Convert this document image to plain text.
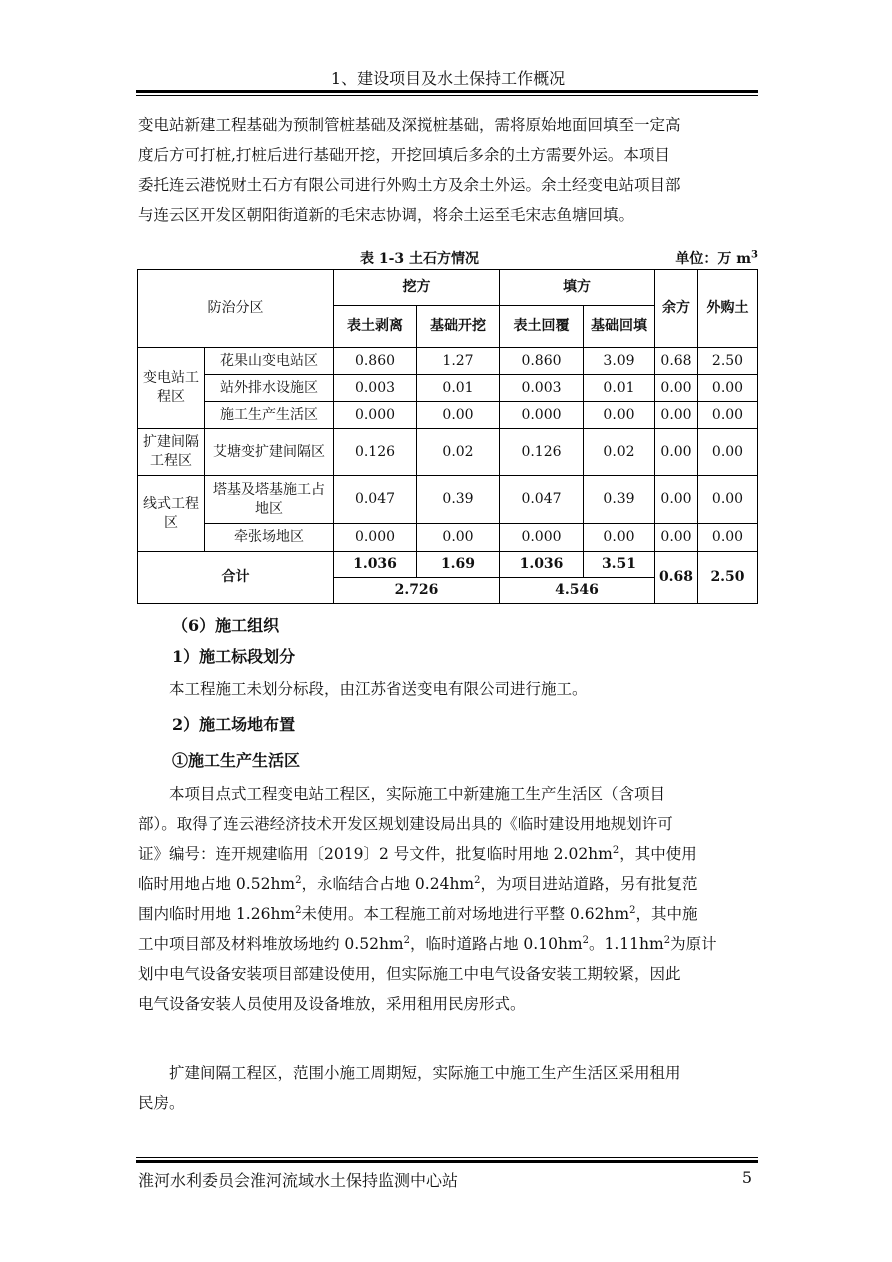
1、建设项目及水土保持工作概况

变电站新建工程基础为预制管桩基础及深搅桩基础，需将原始地面回填至一定高
度后方可打桩,打桩后进行基础开挖，开挖回填后多余的土方需要外运。本项目
委托连云港悦财土石方有限公司进行外购土方及余土外运。余土经变电站项目部
与连云区开发区朝阳街道新的毛宋志协调，将余土运至毛宋志鱼塘回填。

表 1-3 土石方情况	单位：万 $m^3$
防治分区		挖方		填方		余方	外购土
		表土剥离	基础开挖	表土回覆	基础回填		
变电站工程区	花果山变电站区	0.860	1.27	0.860	3.09	0.68	2.50
	站外排水设施区	0.003	0.01	0.003	0.01	0.00	0.00
	施工生产生活区	0.000	0.00	0.000	0.00	0.00	0.00
扩建间隔工程区	艾塘变扩建间隔区	0.126	0.02	0.126	0.02	0.00	0.00
线式工程区	塔基及塔基施工占地区	0.047	0.39	0.047	0.39	0.00	0.00
	牵张场地区	0.000	0.00	0.000	0.00	0.00	0.00
合计		1.036	1.69	1.036	3.51	0.68	2.50
		2.726		4.546			
（6）施工组织
1）施工标段划分

本工程施工未划分标段，由江苏省送变电有限公司进行施工。

2）施工场地布置
①施工生产生活区

本项目点式工程变电站工程区，实际施工中新建施工生产生活区（含项目
部）。取得了连云港经济技术开发区规划建设局出具的《临时建设用地规划许可
证》编号：连开规建临用〔2019〕2 号文件，批复临时用地 $2.02hm^2$，其中使用
临时用地占地 $0.52hm^2$，永临结合占地 $0.24hm^2$，为项目进站道路，另有批复范
围内临时用地 $1.26hm^2$未使用。本工程施工前对场地进行平整 $0.62hm^2$，其中施
工中项目部及材料堆放场地约 $0.52hm^2$，临时道路占地 $0.10hm^2$。$1.11hm^2$为原计
划中电气设备安装项目部建设使用，但实际施工中电气设备安装工期较紧，因此
电气设备安装人员使用及设备堆放，采用租用民房形式。

扩建间隔工程区，范围小施工周期短，实际施工中施工生产生活区采用租用
民房。

淮河水利委员会淮河流域水土保持监测中心站	5
